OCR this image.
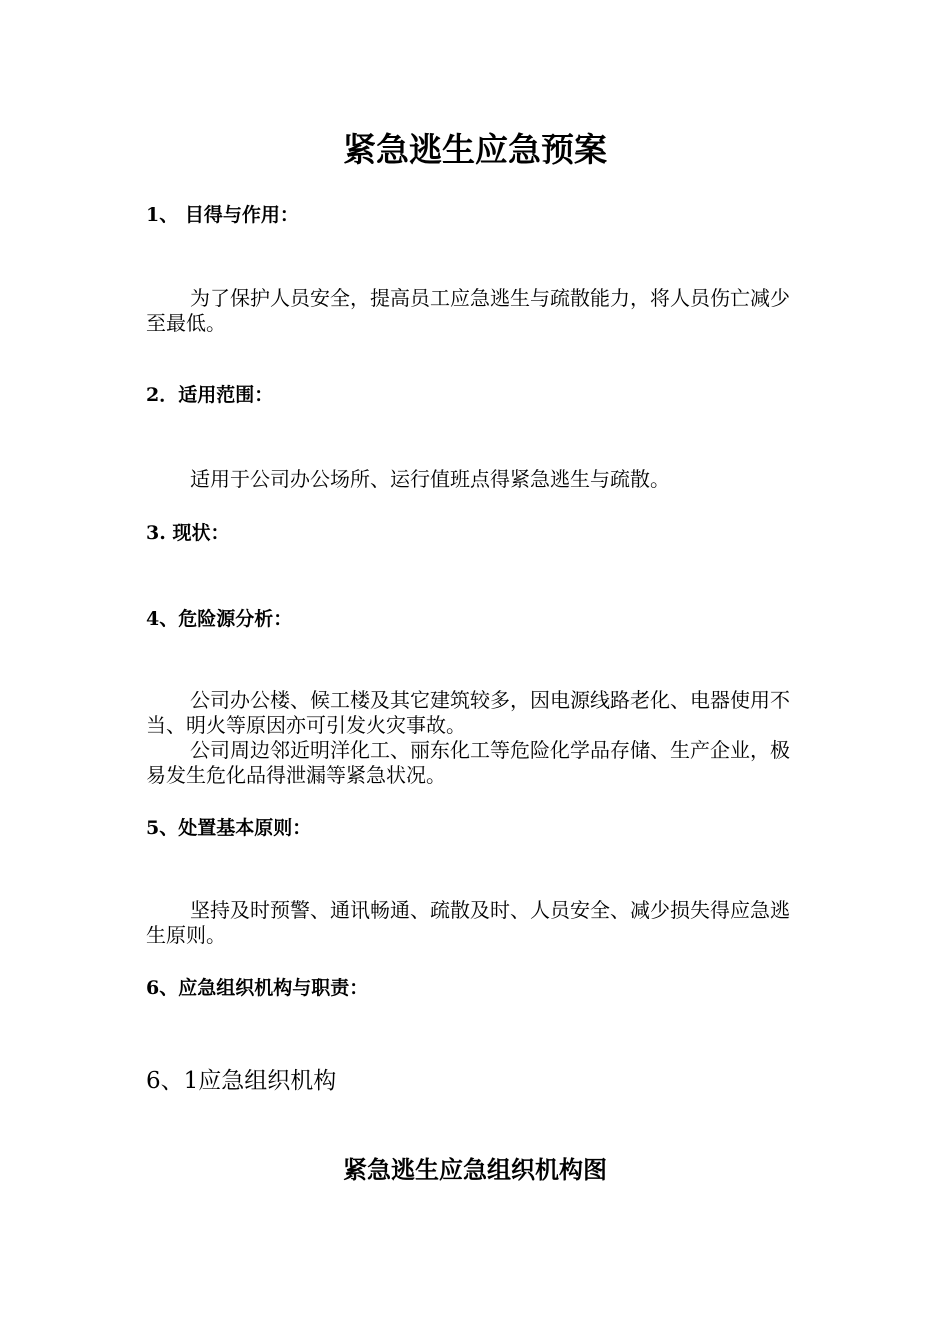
紧急逃生应急预案
1、 目得与作用：
为了保护人员安全，提高员工应急逃生与疏散能力，将人员伤亡减少至最低。
2．适用范围：
适用于公司办公场所、运行值班点得紧急逃生与疏散。
3. 现状：
4、危险源分析：
公司办公楼、候工楼及其它建筑较多，因电源线路老化、电器使用不当、明火等原因亦可引发火灾事故。
公司周边邻近明洋化工、丽东化工等危险化学品存储、生产企业，极易发生危化品得泄漏等紧急状况。
5、处置基本原则：
坚持及时预警、通讯畅通、疏散及时、人员安全、减少损失得应急逃生原则。
6、应急组织机构与职责：
6、1应急组织机构
紧急逃生应急组织机构图
